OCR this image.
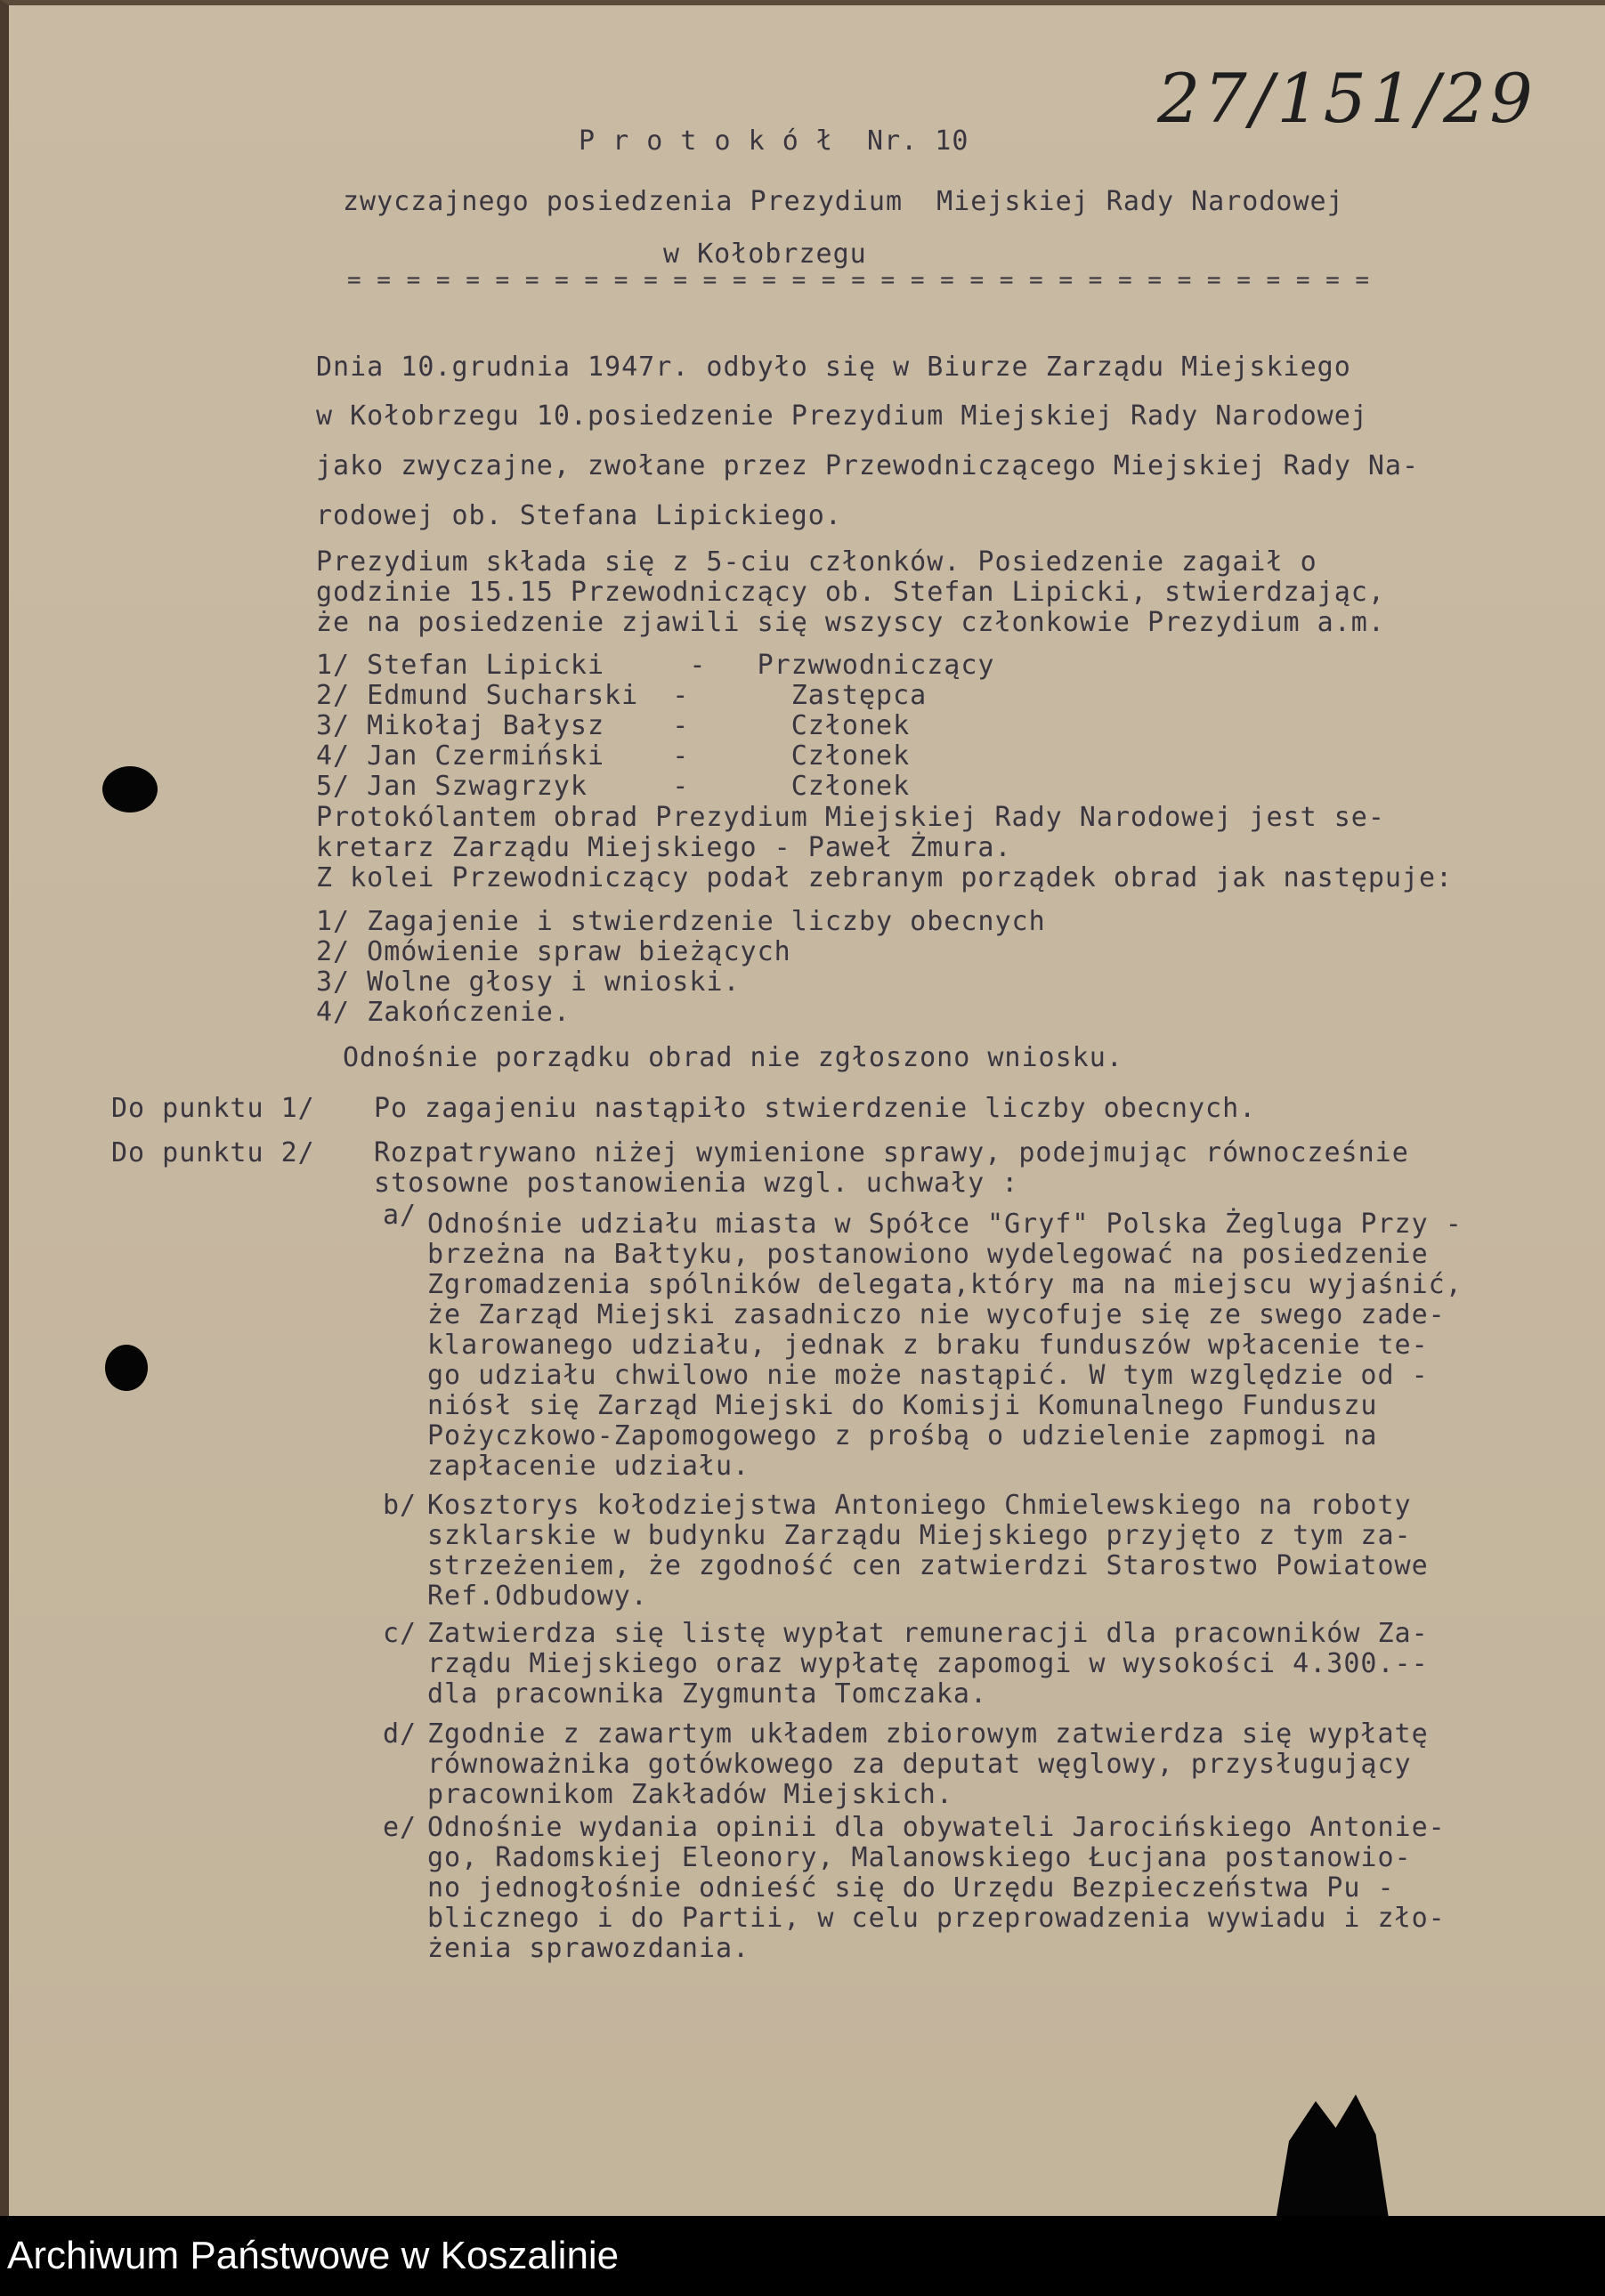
P r o t o k ó ł  Nr. 10
27/151/29
zwyczajnego posiedzenia Prezydium  Miejskiej Rady Narodowej
w Kołobrzegu
= = = = = = = = = = = = = = = = = = = = = = = = = = = = = = = = = = =
Dnia 10.grudnia 1947r. odbyło się w Biurze Zarządu Miejskiego
w Kołobrzegu 10.posiedzenie Prezydium Miejskiej Rady Narodowej
jako zwyczajne, zwołane przez Przewodniczącego Miejskiej Rady Na-
rodowej ob. Stefana Lipickiego.
Prezydium składa się z 5-ciu członków. Posiedzenie zagaił o
godzinie 15.15 Przewodniczący ob. Stefan Lipicki, stwierdzając,
że na posiedzenie zjawili się wszyscy członkowie Prezydium a.m.
1/ Stefan Lipicki     -   Przwwodniczący
2/ Edmund Sucharski  -      Zastępca
3/ Mikołaj Bałysz    -      Członek
4/ Jan Czermiński    -      Członek
5/ Jan Szwagrzyk     -      Członek
Protokólantem obrad Prezydium Miejskiej Rady Narodowej jest se-
kretarz Zarządu Miejskiego - Paweł Żmura.
Z kolei Przewodniczący podał zebranym porządek obrad jak następuje:
1/ Zagajenie i stwierdzenie liczby obecnych
2/ Omówienie spraw bieżących
3/ Wolne głosy i wnioski.
4/ Zakończenie.
Odnośnie porządku obrad nie zgłoszono wniosku.
Do punktu 1/ Po zagajeniu nastąpiło stwierdzenie liczby obecnych.
Do punktu 2/ Rozpatrywano niżej wymienione sprawy, podejmując równocześnie
stosowne postanowienia wzgl. uchwały :
a/ Odnośnie udziału miasta w Spółce "Gryf" Polska Żegluga Przy -
brzeżna na Bałtyku, postanowiono wydelegować na posiedzenie
Zgromadzenia spólników delegata,który ma na miejscu wyjaśnić,
że Zarząd Miejski zasadniczo nie wycofuje się ze swego zade-
klarowanego udziału, jednak z braku funduszów wpłacenie te-
go udziału chwilowo nie może nastąpić. W tym względzie od -
niósł się Zarząd Miejski do Komisji Komunalnego Funduszu
Pożyczkowo-Zapomogowego z prośbą o udzielenie zapmogi na
zapłacenie udziału.
b/ Kosztorys kołodziejstwa Antoniego Chmielewskiego na roboty
szklarskie w budynku Zarządu Miejskiego przyjęto z tym za-
strzeżeniem, że zgodność cen zatwierdzi Starostwo Powiatowe
Ref.Odbudowy.
c/ Zatwierdza się listę wypłat remuneracji dla pracowników Za-
rządu Miejskiego oraz wypłatę zapomogi w wysokości 4.300.--
dla pracownika Zygmunta Tomczaka.
d/ Zgodnie z zawartym układem zbiorowym zatwierdza się wypłatę
równoważnika gotówkowego za deputat węglowy, przysługujący
pracownikom Zakładów Miejskich.
e/ Odnośnie wydania opinii dla obywateli Jarocińskiego Antonie-
go, Radomskiej Eleonory, Malanowskiego Łucjana postanowio-
no jednogłośnie odnieść się do Urzędu Bezpieczeństwa Pu -
blicznego i do Partii, w celu przeprowadzenia wywiadu i zło-
żenia sprawozdania.
Archiwum Państwowe w Koszalinie
